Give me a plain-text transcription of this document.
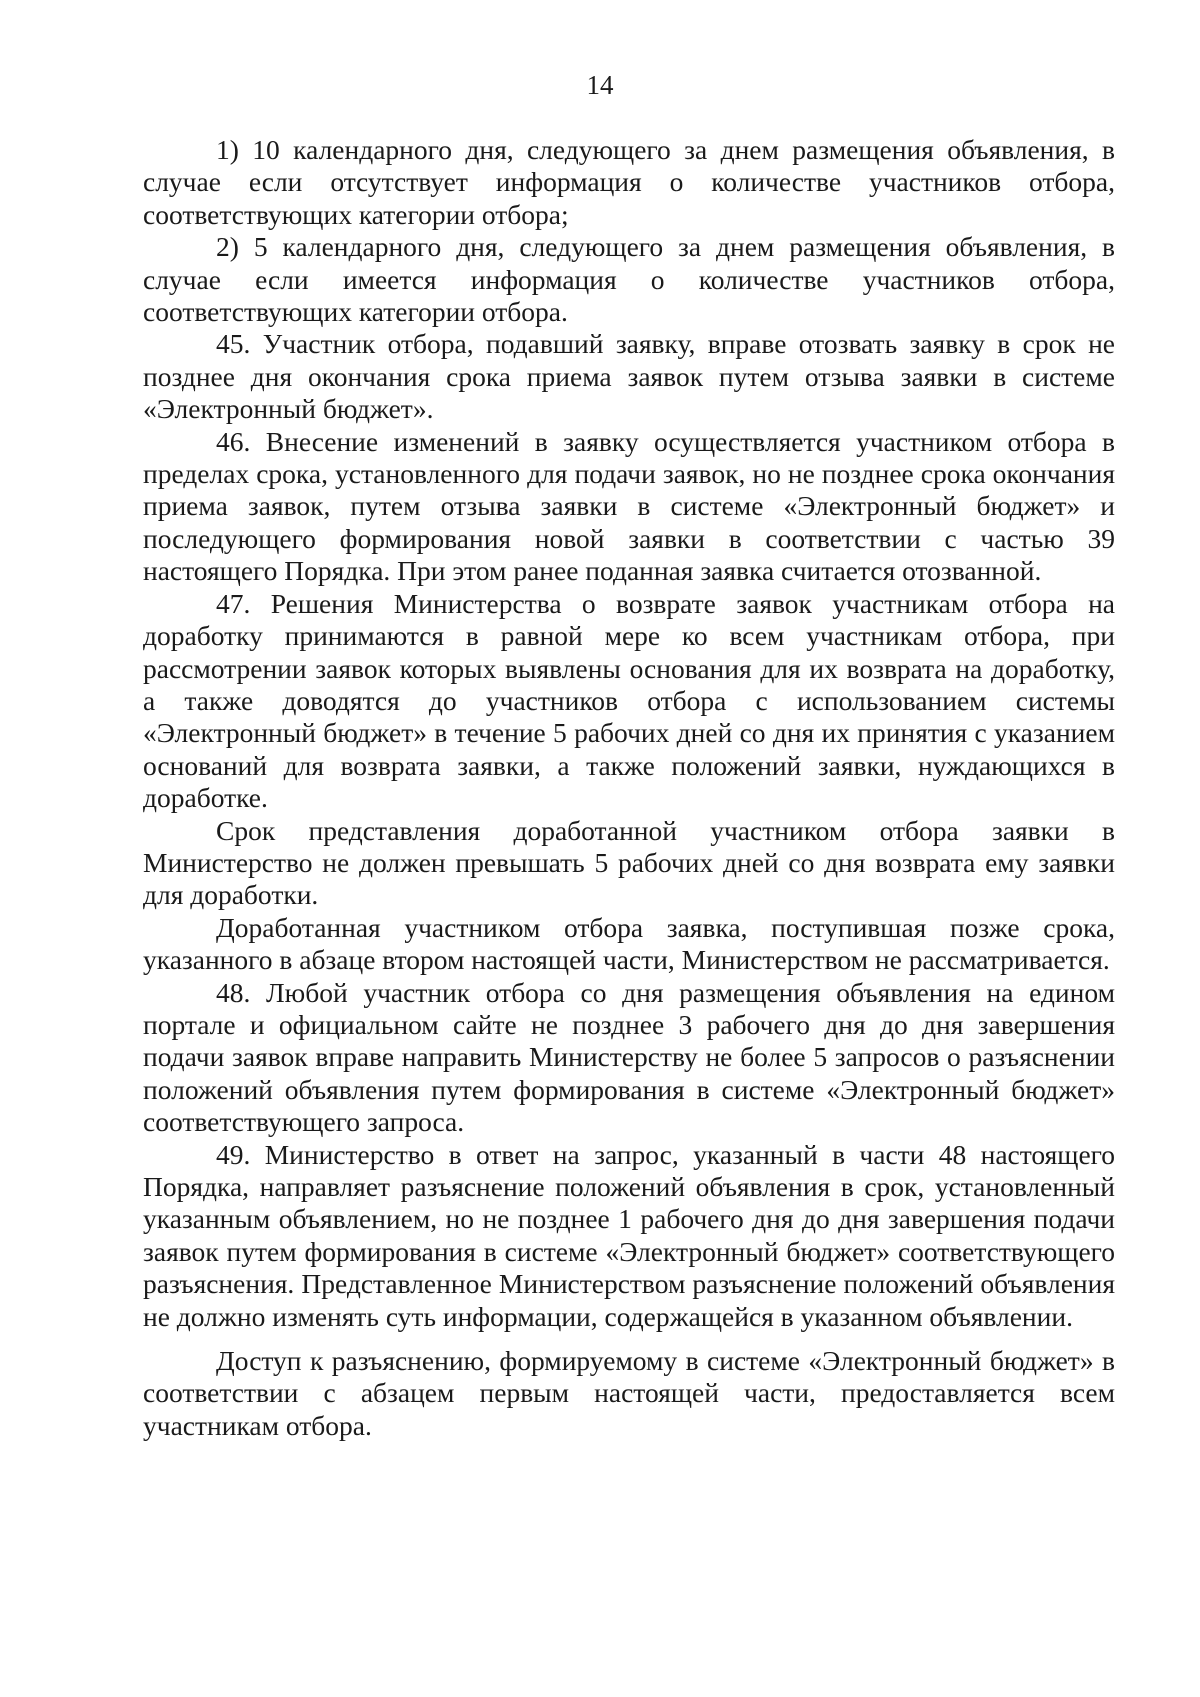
14

1) 10 календарного дня, следующего за днем размещения объявления, в случае если отсутствует информация о количестве участников отбора, соответствующих категории отбора;

2) 5 календарного дня, следующего за днем размещения объявления, в случае если имеется информация о количестве участников отбора, соответствующих категории отбора.

45. Участник отбора, подавший заявку, вправе отозвать заявку в срок не позднее дня окончания срока приема заявок путем отзыва заявки в системе «Электронный бюджет».

46. Внесение изменений в заявку осуществляется участником отбора в пределах срока, установленного для подачи заявок, но не позднее срока окончания приема заявок, путем отзыва заявки в системе «Электронный бюджет» и последующего формирования новой заявки в соответствии с частью 39 настоящего Порядка. При этом ранее поданная заявка считается отозванной.

47. Решения Министерства о возврате заявок участникам отбора на доработку принимаются в равной мере ко всем участникам отбора, при рассмотрении заявок которых выявлены основания для их возврата на доработку, а также доводятся до участников отбора с использованием системы «Электронный бюджет» в течение 5 рабочих дней со дня их принятия с указанием оснований для возврата заявки, а также положений заявки, нуждающихся в доработке.

Срок представления доработанной участником отбора заявки в Министерство не должен превышать 5 рабочих дней со дня возврата ему заявки для доработки.

Доработанная участником отбора заявка, поступившая позже срока, указанного в абзаце втором настоящей части, Министерством не рассматривается.

48. Любой участник отбора со дня размещения объявления на едином портале и официальном сайте не позднее 3 рабочего дня до дня завершения подачи заявок вправе направить Министерству не более 5 запросов о разъяснении положений объявления путем формирования в системе «Электронный бюджет» соответствующего запроса.

49. Министерство в ответ на запрос, указанный в части 48 настоящего Порядка, направляет разъяснение положений объявления в срок, установленный указанным объявлением, но не позднее 1 рабочего дня до дня завершения подачи заявок путем формирования в системе «Электронный бюджет» соответствующего разъяснения. Представленное Министерством разъяснение положений объявления не должно изменять суть информации, содержащейся в указанном объявлении.

Доступ к разъяснению, формируемому в системе «Электронный бюджет» в соответствии с абзацем первым настоящей части, предоставляется всем участникам отбора.
